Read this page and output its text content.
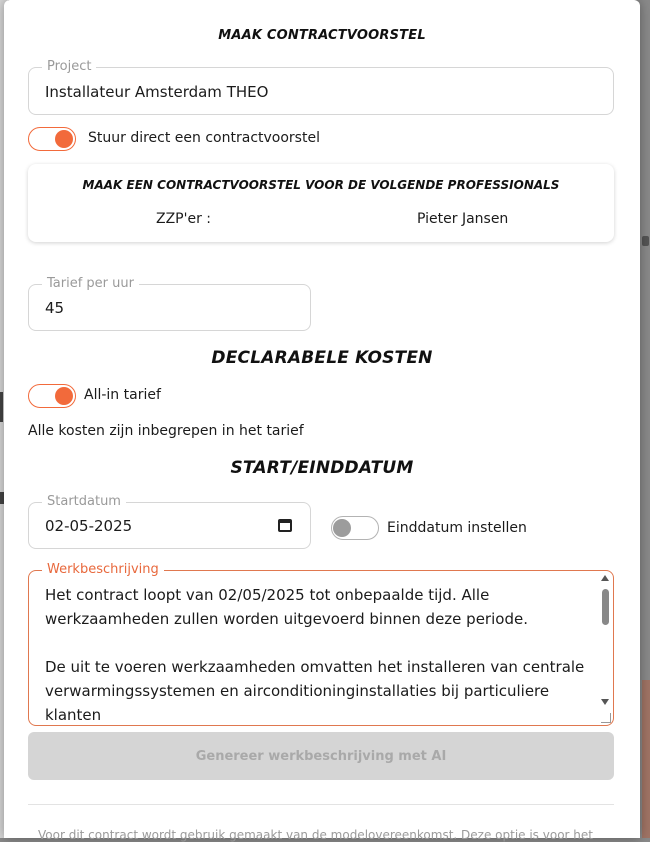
MAAK CONTRACTVOORSTEL
Project
Installateur Amsterdam THEO
Stuur direct een contractvoorstel
MAAK EEN CONTRACTVOORSTEL VOOR DE VOLGENDE PROFESSIONALS
ZZP'er :	Pieter Jansen
Tarief per uur
45
DECLARABELE KOSTEN
All-in tarief
Alle kosten zijn inbegrepen in het tarief
START/EINDDATUM
Startdatum
02-05-2025	Einddatum instellen
Werkbeschrijving
Het contract loopt van 02/05/2025 tot onbepaalde tijd. Alle
werkzaamheden zullen worden uitgevoerd binnen deze periode.

De uit te voeren werkzaamheden omvatten het installeren van centrale
verwarmingssystemen en airconditioninginstallaties bij particuliere klanten

Genereer werkbeschrijving met AI
Voor dit contract wordt gebruik gemaakt van de modelovereenkomst. Deze optie is voor het
